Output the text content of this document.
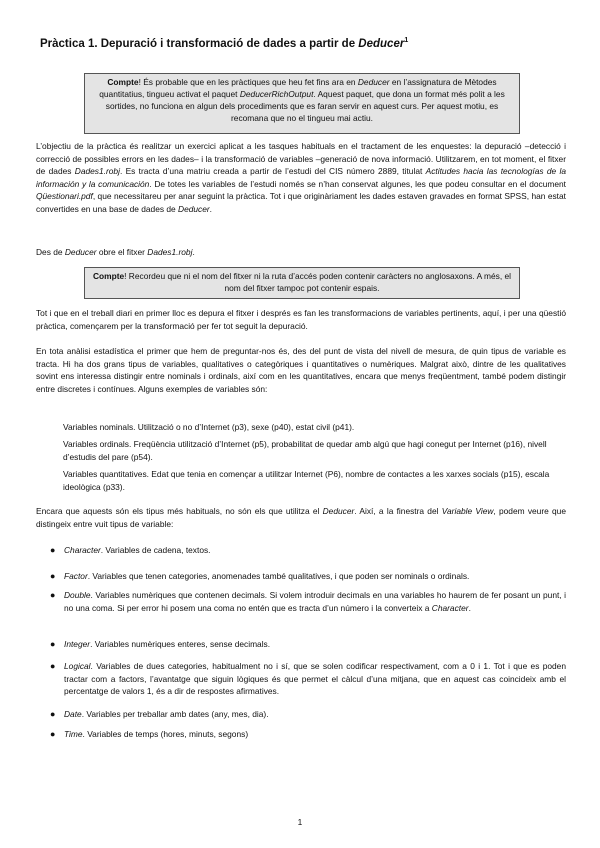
Pràctica 1. Depuració i transformació de dades a partir de Deducer$^1$
Compte! És probable que en les pràctiques que heu fet fins ara en Deducer en l’assignatura de Mètodes quantitatius, tingueu activat el paquet DeducerRichOutput. Aquest paquet, que dona un format més polit a les sortides, no funciona en algun dels procediments que es faran servir en aquest curs. Per aquest motiu, es recomana que no el tingueu mai actiu.
L’objectiu de la pràctica és realitzar un exercici aplicat a les tasques habituals en el tractament de les enquestes: la depuració –detecció i correcció de possibles errors en les dades– i la transformació de variables –generació de nova informació. Utilitzarem, en tot moment, el fitxer de dades Dades1.robj. Es tracta d’una matriu creada a partir de l’estudi del CIS número 2889, titulat Actitudes hacia las tecnologías de la información y la comunicación. De totes les variables de l’estudi només se n’han conservat algunes, les que podeu consultar en el document Qüestionari.pdf, que necessitareu per anar seguint la pràctica. Tot i que originàriament les dades estaven gravades en format SPSS, han estat convertides en una base de dades de Deducer.
Des de Deducer obre el fitxer Dades1.robj.
Compte! Recordeu que ni el nom del fitxer ni la ruta d’accés poden contenir caràcters no anglosaxons. A més, el nom del fitxer tampoc pot contenir espais.
Tot i que en el treball diari en primer lloc es depura el fitxer i després es fan les transformacions de variables pertinents, aquí, i per una qüestió pràctica, començarem per la transformació per fer tot seguit la depuració.
En tota anàlisi estadística el primer que hem de preguntar-nos és, des del punt de vista del nivell de mesura, de quin tipus de variable es tracta. Hi ha dos grans tipus de variables, qualitatives o categòriques i quantitatives o numèriques. Malgrat això, dintre de les qualitatives sovint ens interessa distingir entre nominals i ordinals, així com en les quantitatives, encara que menys freqüentment, també podem distingir entre discretes i contínues. Alguns exemples de variables són:
Variables nominals. Utilització o no d’Internet (p3), sexe (p40), estat civil (p41).
Variables ordinals. Freqüència utilització d’Internet (p5), probabilitat de quedar amb algú que hagi conegut per Internet (p16), nivell d’estudis del pare (p54).
Variables quantitatives. Edat que tenia en començar a utilitzar Internet (P6), nombre de contactes a les xarxes socials (p15), escala ideològica (p33).
Encara que aquests són els tipus més habituals, no són els que utilitza el Deducer. Així, a la finestra del Variable View, podem veure que distingeix entre vuit tipus de variable:
● Character. Variables de cadena, textos.
● Factor. Variables que tenen categories, anomenades també qualitatives, i que poden ser nominals o ordinals.
● Double. Variables numèriques que contenen decimals. Si volem introduir decimals en una variables ho haurem de fer posant un punt, i no una coma. Si per error hi posem una coma no entén que es tracta d’un número i la converteix a Character.
● Integer. Variables numèriques enteres, sense decimals.
● Logical. Variables de dues categories, habitualment no i sí, que se solen codificar respectivament, com a 0 i 1. Tot i que es poden tractar com a factors, l’avantatge que siguin lògiques és que permet el càlcul d’una mitjana, que en aquest cas coincideix amb el percentatge de valors 1, és a dir de respostes afirmatives.
● Date. Variables per treballar amb dates (any, mes, dia).
● Time. Variables de temps (hores, minuts, segons)
1
